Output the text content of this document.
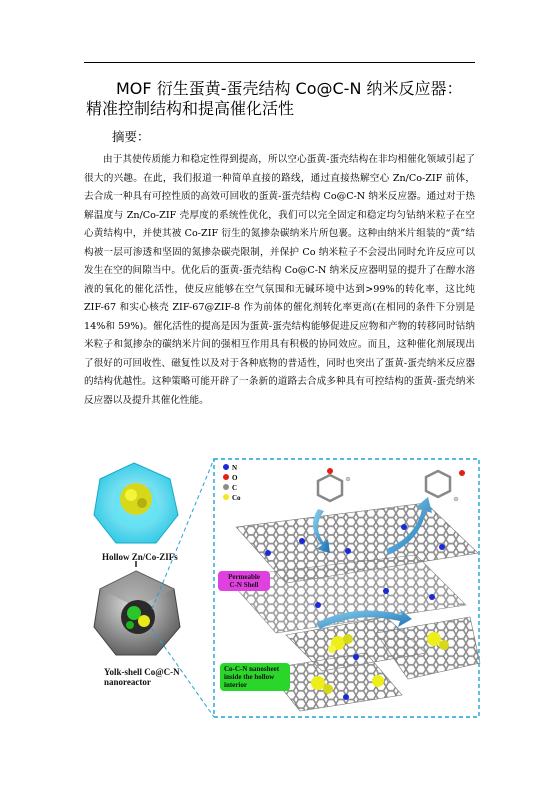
MOF 衍生蛋黄-蛋壳结构 Co@C-N 纳米反应器：
精准控制结构和提高催化活性
摘要：

由于其使传质能力和稳定性得到提高，所以空心蛋黄-蛋壳结构在非均相催化领域引起了很大的兴趣。在此，我们报道一种简单直接的路线，通过直接热解空心 Zn/Co-ZIF 前体，去合成一种具有可控性质的高效可回收的蛋黄-蛋壳结构 Co@C-N 纳米反应器。通过对于热解温度与 Zn/Co-ZIF 壳厚度的系统性优化，我们可以完全固定和稳定均匀钴纳米粒子在空心黄结构中，并使其被 Co-ZIF 衍生的氮掺杂碳纳米片所包裹。这种由纳米片组装的“黄”结构被一层可渗透和坚固的氮掺杂碳壳限制，并保护 Co 纳米粒子不会浸出同时允许反应可以发生在空的间隙当中。优化后的蛋黄-蛋壳结构 Co@C-N 纳米反应器明显的提升了在醇水溶液的氧化的催化活性，使反应能够在空气氛围和无碱环境中达到>99%的转化率，这比纯 ZIF-67 和实心核壳 ZIF-67@ZIF-8 作为前体的催化剂转化率更高(在相同的条件下分别是 14%和 59%)。催化活性的提高是因为蛋黄-蛋壳结构能够促进反应物和产物的转移同时钴纳米粒子和氮掺杂的碳纳米片间的强相互作用具有积极的协同效应。而且，这种催化剂展现出了很好的可回收性、磁复性以及对于各种底物的普适性，同时也突出了蛋黄-蛋壳纳米反应器的结构优越性。这种策略可能开辟了一条新的道路去合成多种具有可控结构的蛋黄-蛋壳纳米反应器以及提升其催化性能。

N
O
C
Co
Hollow Zn/Co-ZIFs
Yolk-shell Co@C-N
nanoreactor
Permeable
C-N Shell
Co-C-N nanosheet
inside the hollow
interior
